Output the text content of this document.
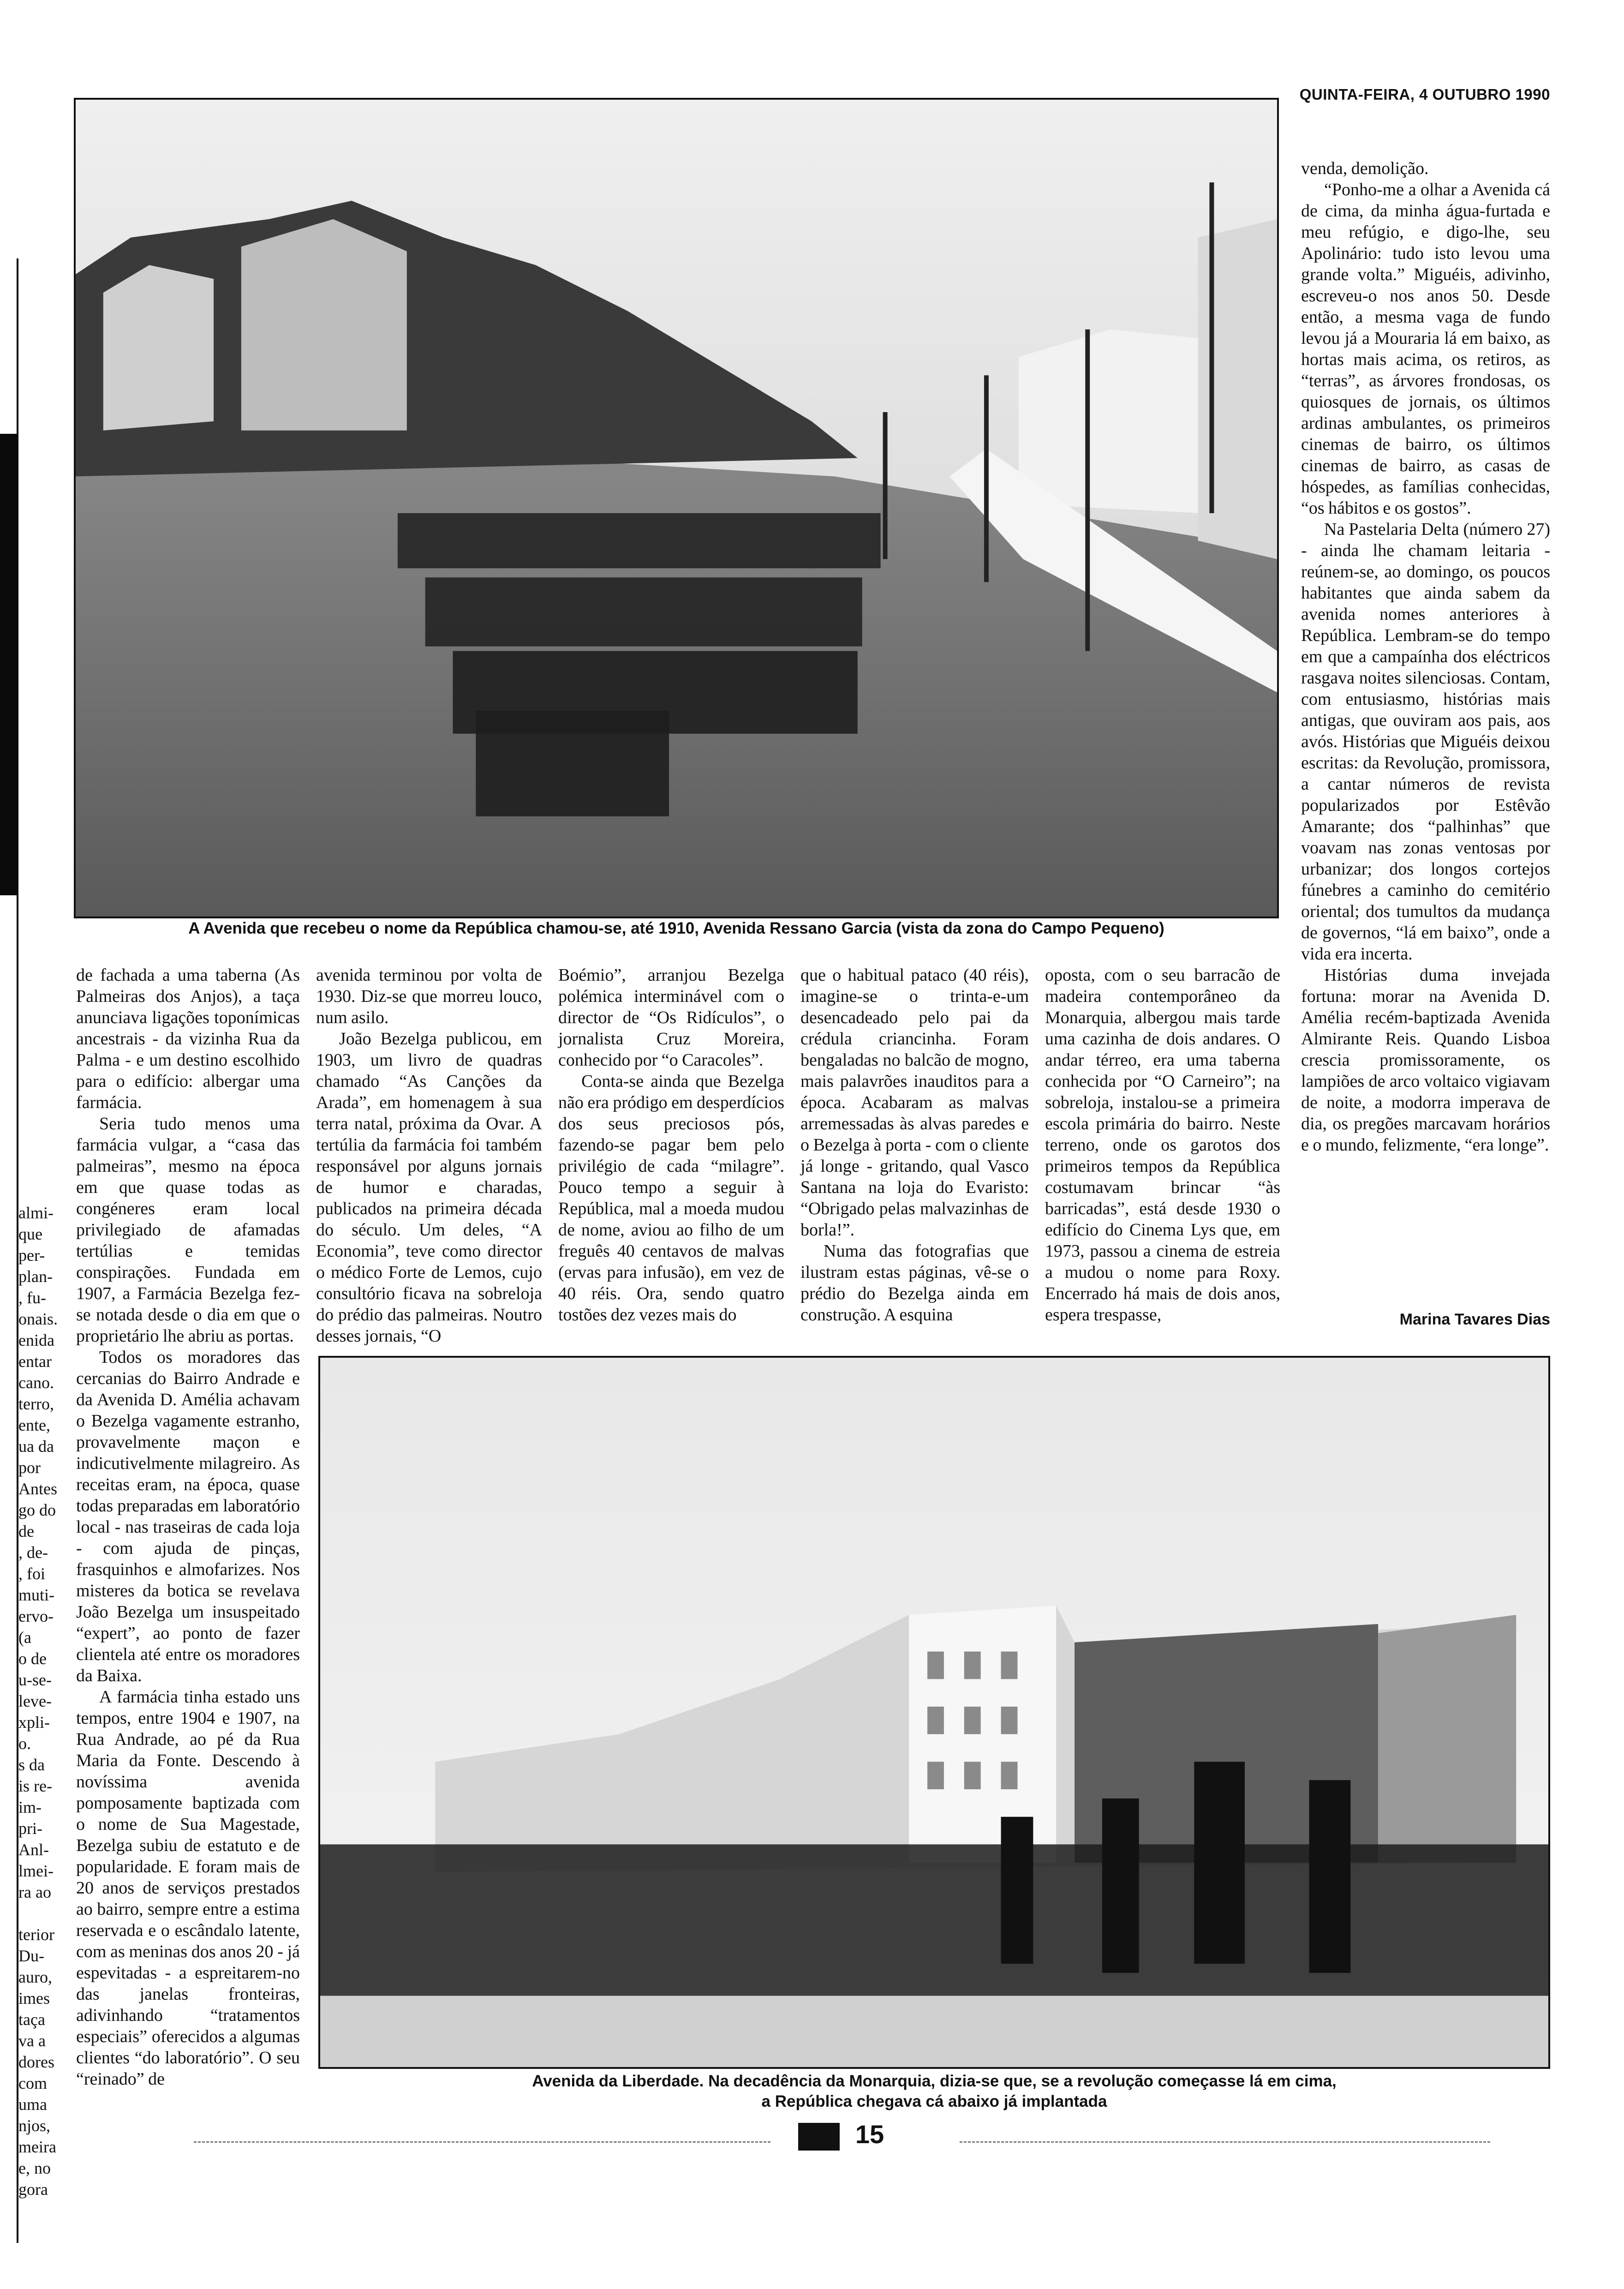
QUINTA-FEIRA, 4 OUTUBRO 1990
almi-
que
per-
plan-
, fu-
onais.
enida
entar
cano.
terro,
ente,
ua da
por
Antes
go do
de
, de-
, foi
muti-
ervo-
(a
o de
u-se-
leve-
xpli-
o.
s da
is re-
im-
pri-
Anl-
lmei-
ra ao
terior
Du-
auro,
imes
taça
va a
dores
com
uma
njos,
meira
e, no
gora
A Avenida que recebeu o nome da República chamou-se, até 1910, Avenida Ressano Garcia (vista da zona do Campo Pequeno)

venda, demolição.

“Ponho-me a olhar a Avenida cá de cima, da minha água-furtada e meu refúgio, e digo-lhe, seu Apolinário: tudo isto levou uma grande volta.” Miguéis, adivinho, escreveu-o nos anos 50. Desde então, a mesma vaga de fundo levou já a Mouraria lá em baixo, as hortas mais acima, os retiros, as “terras”, as árvores frondosas, os quiosques de jornais, os últimos ardinas ambulantes, os primeiros cinemas de bairro, os últimos cinemas de bairro, as casas de hóspedes, as famílias conhecidas, “os hábitos e os gostos”.

Na Pastelaria Delta (número 27) - ainda lhe chamam leitaria - reúnem-se, ao domingo, os poucos habitantes que ainda sabem da avenida nomes anteriores à República. Lembram-se do tempo em que a campaínha dos eléctricos rasgava noites silenciosas. Contam, com entusiasmo, histórias mais antigas, que ouviram aos pais, aos avós. Histórias que Miguéis deixou escritas: da Revolução, promissora, a cantar números de revista popularizados por Estêvão Amarante; dos “palhinhas” que voavam nas zonas ventosas por urbanizar; dos longos cortejos fúnebres a caminho do cemitério oriental; dos tumultos da mudança de governos, “lá em baixo”, onde a vida era incerta.

Histórias duma invejada fortuna: morar na Avenida D. Amélia recém-baptizada Avenida Almirante Reis. Quando Lisboa crescia promissoramente, os lampiões de arco voltaico vigiavam de noite, a modorra imperava de dia, os pregões marcavam horários e o mundo, felizmente, “era longe”.

Marina Tavares Dias

de fachada a uma taberna (As Palmeiras dos Anjos), a taça anunciava ligações toponímicas ancestrais - da vizinha Rua da Palma - e um destino escolhido para o edifício: albergar uma farmácia.

Seria tudo menos uma farmácia vulgar, a “casa das palmeiras”, mesmo na época em que quase todas as congéneres eram local privilegiado de afamadas tertúlias e temidas conspirações. Fundada em 1907, a Farmácia Bezelga fez-se notada desde o dia em que o proprietário lhe abriu as portas.

Todos os moradores das cercanias do Bairro Andrade e da Avenida D. Amélia achavam o Bezelga vagamente estranho, provavelmente maçon e indicutivelmente milagreiro. As receitas eram, na época, quase todas preparadas em laboratório local - nas traseiras de cada loja - com ajuda de pinças, frasquinhos e almofarizes. Nos misteres da botica se revelava João Bezelga um insuspeitado “expert”, ao ponto de fazer clientela até entre os moradores da Baixa.

A farmácia tinha estado uns tempos, entre 1904 e 1907, na Rua Andrade, ao pé da Rua Maria da Fonte. Descendo à novíssima avenida pomposamente baptizada com o nome de Sua Magestade, Bezelga subiu de estatuto e de popularidade. E foram mais de 20 anos de serviços prestados ao bairro, sempre entre a estima reservada e o escândalo latente, com as meninas dos anos 20 - já espevitadas - a espreitarem-no das janelas fronteiras, adivinhando “tratamentos especiais” oferecidos a algumas clientes “do laboratório”. O seu “reinado” de

avenida terminou por volta de 1930. Diz-se que morreu louco, num asilo.

João Bezelga publicou, em 1903, um livro de quadras chamado “As Canções da Arada”, em homenagem à sua terra natal, próxima da Ovar. A tertúlia da farmácia foi também responsável por alguns jornais de humor e charadas, publicados na primeira década do século. Um deles, “A Economia”, teve como director o médico Forte de Lemos, cujo consultório ficava na sobreloja do prédio das palmeiras. Noutro desses jornais, “O

Boémio”, arranjou Bezelga polémica interminável com o director de “Os Ridículos”, o jornalista Cruz Moreira, conhecido por “o Caracoles”.

Conta-se ainda que Bezelga não era pródigo em desperdícios dos seus preciosos pós, fazendo-se pagar bem pelo privilégio de cada “milagre”. Pouco tempo a seguir à República, mal a moeda mudou de nome, aviou ao filho de um freguês 40 centavos de malvas (ervas para infusão), em vez de 40 réis. Ora, sendo quatro tostões dez vezes mais do

que o habitual pataco (40 réis), imagine-se o trinta-e-um desencadeado pelo pai da crédula criancinha. Foram bengaladas no balcão de mogno, mais palavrões inauditos para a época. Acabaram as malvas arremessadas às alvas paredes e o Bezelga à porta - com o cliente já longe - gritando, qual Vasco Santana na loja do Evaristo: “Obrigado pelas malvazinhas de borla!”.

Numa das fotografias que ilustram estas páginas, vê-se o prédio do Bezelga ainda em construção. A esquina

oposta, com o seu barracão de madeira contemporâneo da Monarquia, albergou mais tarde uma cazinha de dois andares. O andar térreo, era uma taberna conhecida por “O Carneiro”; na sobreloja, instalou-se a primeira escola primária do bairro. Neste terreno, onde os garotos dos primeiros tempos da República costumavam brincar “às barricadas”, está desde 1930 o edifício do Cinema Lys que, em 1973, passou a cinema de estreia a mudou o nome para Roxy. Encerrado há mais de dois anos, espera trespasse,

Avenida da Liberdade. Na decadência da Monarquia, dizia-se que, se a revolução começasse lá em cima,
a República chegava cá abaixo já implantada
15
